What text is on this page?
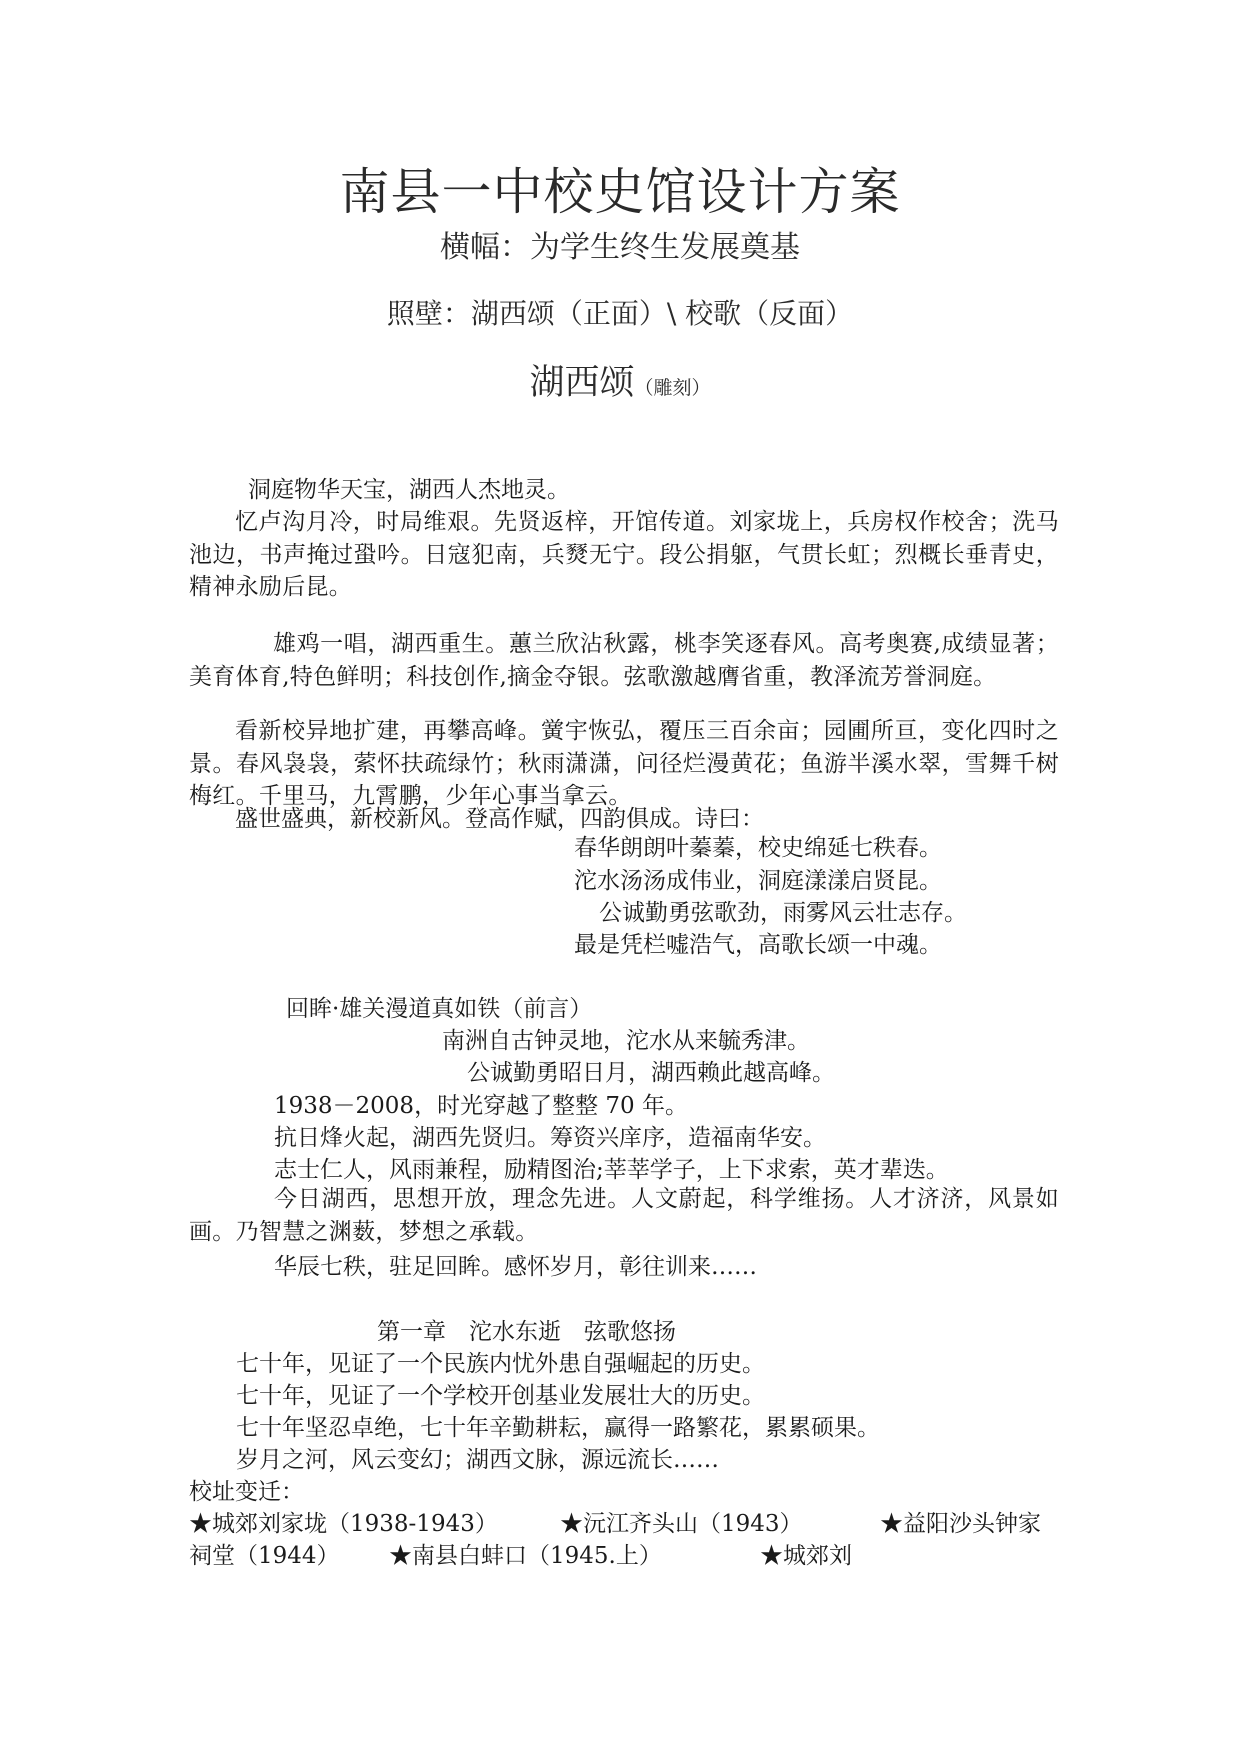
南县一中校史馆设计方案
横幅：为学生终生发展奠基
照壁：湖西颂（正面）\ 校歌（反面）
湖西颂（雕刻）
洞庭物华天宝，湖西人杰地灵。
忆卢沟月冷，时局维艰。先贤返梓，开馆传道。刘家垅上，兵房权作校舍；洗马池边，书声掩过蛩吟。日寇犯南，兵燹无宁。段公捐躯，气贯长虹；烈概长垂青史，精神永励后昆。
雄鸡一唱，湖西重生。蕙兰欣沾秋露，桃李笑逐春风。高考奥赛,成绩显著；美育体育,特色鲜明；科技创作,摘金夺银。弦歌激越膺省重，教泽流芳誉洞庭。
看新校异地扩建，再攀高峰。黉宇恢弘，覆压三百余亩；园圃所亘，变化四时之景。春风袅袅，萦怀扶疏绿竹；秋雨潇潇，问径烂漫黄花；鱼游半溪水翠，雪舞千树梅红。千里马，九霄鹏，少年心事当拿云。
盛世盛典，新校新风。登高作赋，四韵俱成。诗曰：
春华朗朗叶蓁蓁，校史绵延七秩春。
沱水汤汤成伟业，洞庭漾漾启贤昆。
公诚勤勇弦歌劲，雨雾风云壮志存。
最是凭栏嘘浩气，高歌长颂一中魂。
回眸·雄关漫道真如铁（前言）
南洲自古钟灵地，沱水从来毓秀津。
公诚勤勇昭日月，湖西赖此越高峰。
1938－2008，时光穿越了整整 70 年。
抗日烽火起，湖西先贤归。筹资兴庠序，造福南华安。
志士仁人，风雨兼程，励精图治;莘莘学子，上下求索，英才辈迭。
今日湖西，思想开放，理念先进。人文蔚起，科学维扬。人才济济，风景如画。乃智慧之渊薮，梦想之承载。
华辰七秩，驻足回眸。感怀岁月，彰往训来……
第一章　沱水东逝　弦歌悠扬
七十年，见证了一个民族内忧外患自强崛起的历史。
七十年，见证了一个学校开创基业发展壮大的历史。
七十年坚忍卓绝，七十年辛勤耕耘，赢得一路繁花，累累硕果。
岁月之河，风云变幻；湖西文脉，源远流长……
校址变迁：
★城郊刘家垅（1938-1943）	★沅江齐头山（1943）	★益阳沙头钟家
祠堂（1944） ★南县白蚌口（1945.上）	★城郊刘
